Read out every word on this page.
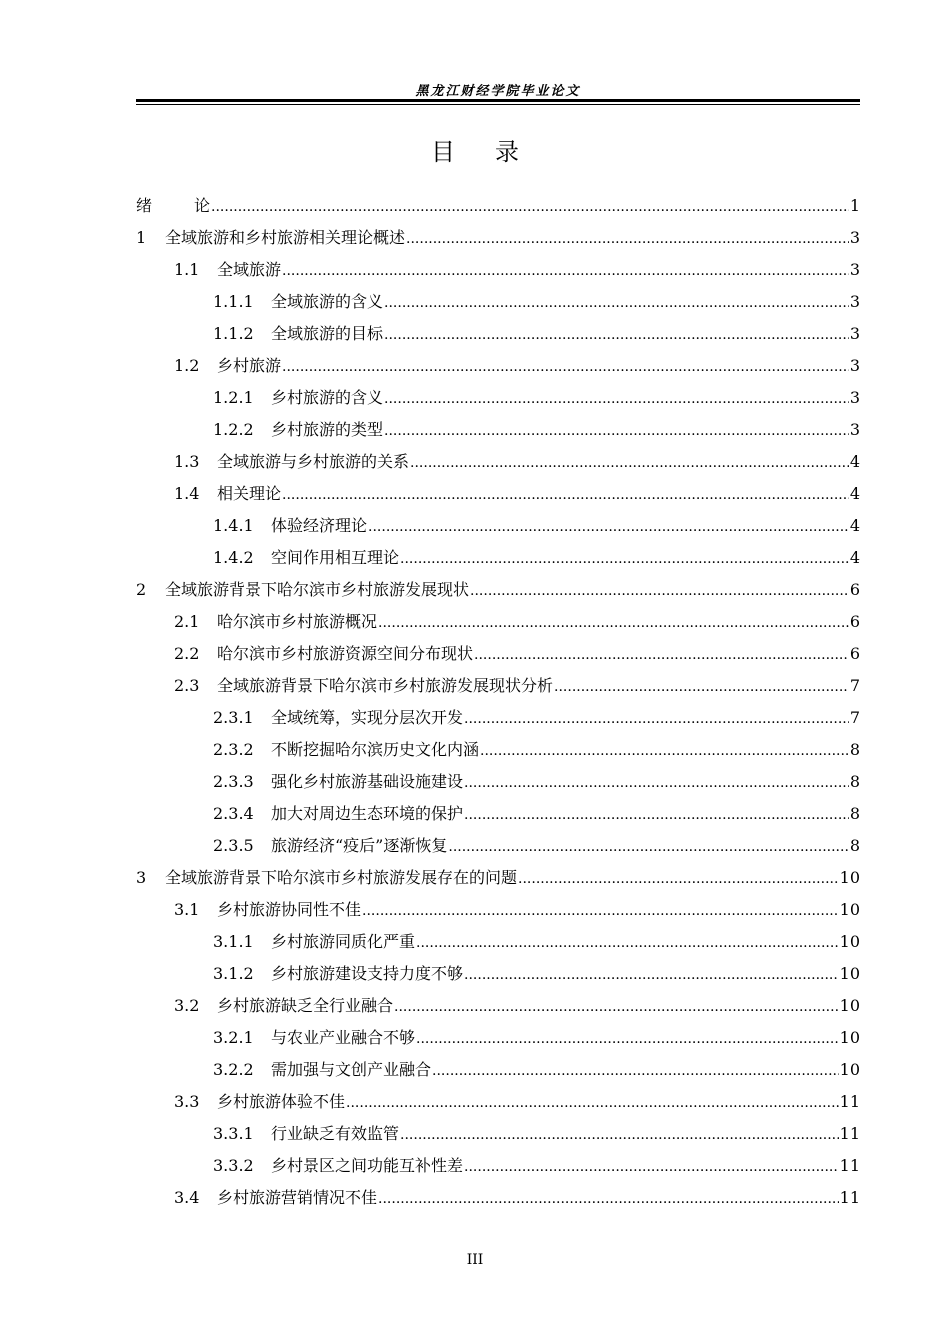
黑龙江财经学院毕业论文
目录
绪	论 .....	1
1	全域旅游和乡村旅游相关理论概述 .....	3
1.1	全域旅游 .....	3
1.1.1	全域旅游的含义 .....	3
1.1.2	全域旅游的目标 .....	3
1.2	乡村旅游 .....	3
1.2.1	乡村旅游的含义 .....	3
1.2.2	乡村旅游的类型 .....	3
1.3	全域旅游与乡村旅游的关系 .....	4
1.4	相关理论 .....	4
1.4.1	体验经济理论 .....	4
1.4.2	空间作用相互理论 .....	4
2	全域旅游背景下哈尔滨市乡村旅游发展现状 .....	6
2.1	哈尔滨市乡村旅游概况 .....	6
2.2	哈尔滨市乡村旅游资源空间分布现状 .....	6
2.3	全域旅游背景下哈尔滨市乡村旅游发展现状分析 .....	7
2.3.1	全域统筹，实现分层次开发 .....	7
2.3.2	不断挖掘哈尔滨历史文化内涵 .....	8
2.3.3	强化乡村旅游基础设施建设 .....	8
2.3.4	加大对周边生态环境的保护 .....	8
2.3.5	旅游经济“疫后”逐渐恢复 .....	8
3	全域旅游背景下哈尔滨市乡村旅游发展存在的问题 .....	10
3.1	乡村旅游协同性不佳 .....	10
3.1.1	乡村旅游同质化严重 .....	10
3.1.2	乡村旅游建设支持力度不够 .....	10
3.2	乡村旅游缺乏全行业融合 .....	10
3.2.1	与农业产业融合不够 .....	10
3.2.2	需加强与文创产业融合 .....	10
3.3	乡村旅游体验不佳 .....	11
3.3.1	行业缺乏有效监管 .....	11
3.3.2	乡村景区之间功能互补性差 .....	11
3.4	乡村旅游营销情况不佳 .....	11
III
